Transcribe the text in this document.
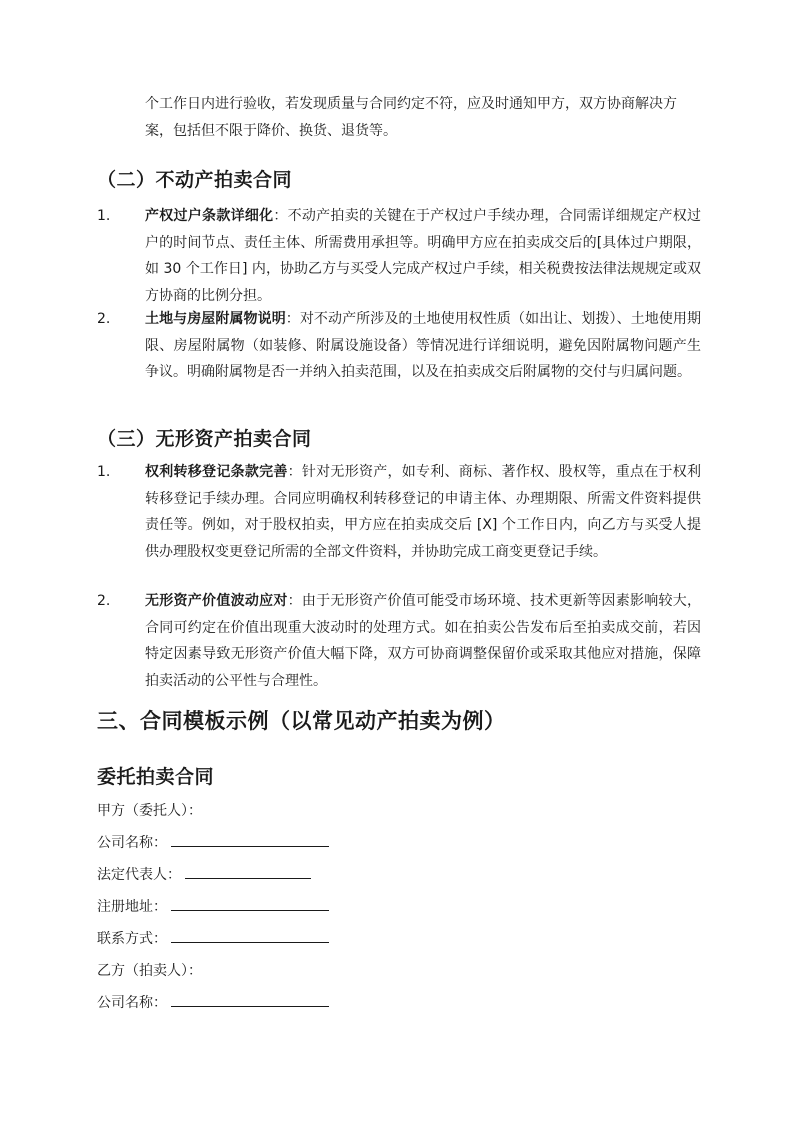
个工作日内进行验收，若发现质量与合同约定不符，应及时通知甲方，双方协商解决方案，包括但不限于降价、换货、退货等。

（二）不动产拍卖合同
1. 产权过户条款详细化：不动产拍卖的关键在于产权过户手续办理，合同需详细规定产权过户的时间节点、责任主体、所需费用承担等。明确甲方应在拍卖成交后的[具体过户期限，如 30 个工作日] 内，协助乙方与买受人完成产权过户手续，相关税费按法律法规规定或双方协商的比例分担。
2. 土地与房屋附属物说明：对不动产所涉及的土地使用权性质（如出让、划拨）、土地使用期限、房屋附属物（如装修、附属设施设备）等情况进行详细说明，避免因附属物问题产生争议。明确附属物是否一并纳入拍卖范围，以及在拍卖成交后附属物的交付与归属问题。
（三）无形资产拍卖合同
1. 权利转移登记条款完善：针对无形资产，如专利、商标、著作权、股权等，重点在于权利转移登记手续办理。合同应明确权利转移登记的申请主体、办理期限、所需文件资料提供责任等。例如，对于股权拍卖，甲方应在拍卖成交后 [X] 个工作日内，向乙方与买受人提供办理股权变更登记所需的全部文件资料，并协助完成工商变更登记手续。
2. 无形资产价值波动应对：由于无形资产价值可能受市场环境、技术更新等因素影响较大，合同可约定在价值出现重大波动时的处理方式。如在拍卖公告发布后至拍卖成交前，若因特定因素导致无形资产价值大幅下降，双方可协商调整保留价或采取其他应对措施，保障拍卖活动的公平性与合理性。
三、合同模板示例（以常见动产拍卖为例）
委托拍卖合同
甲方（委托人）：
公司名称：
法定代表人：
注册地址：
联系方式：
乙方（拍卖人）：
公司名称：
